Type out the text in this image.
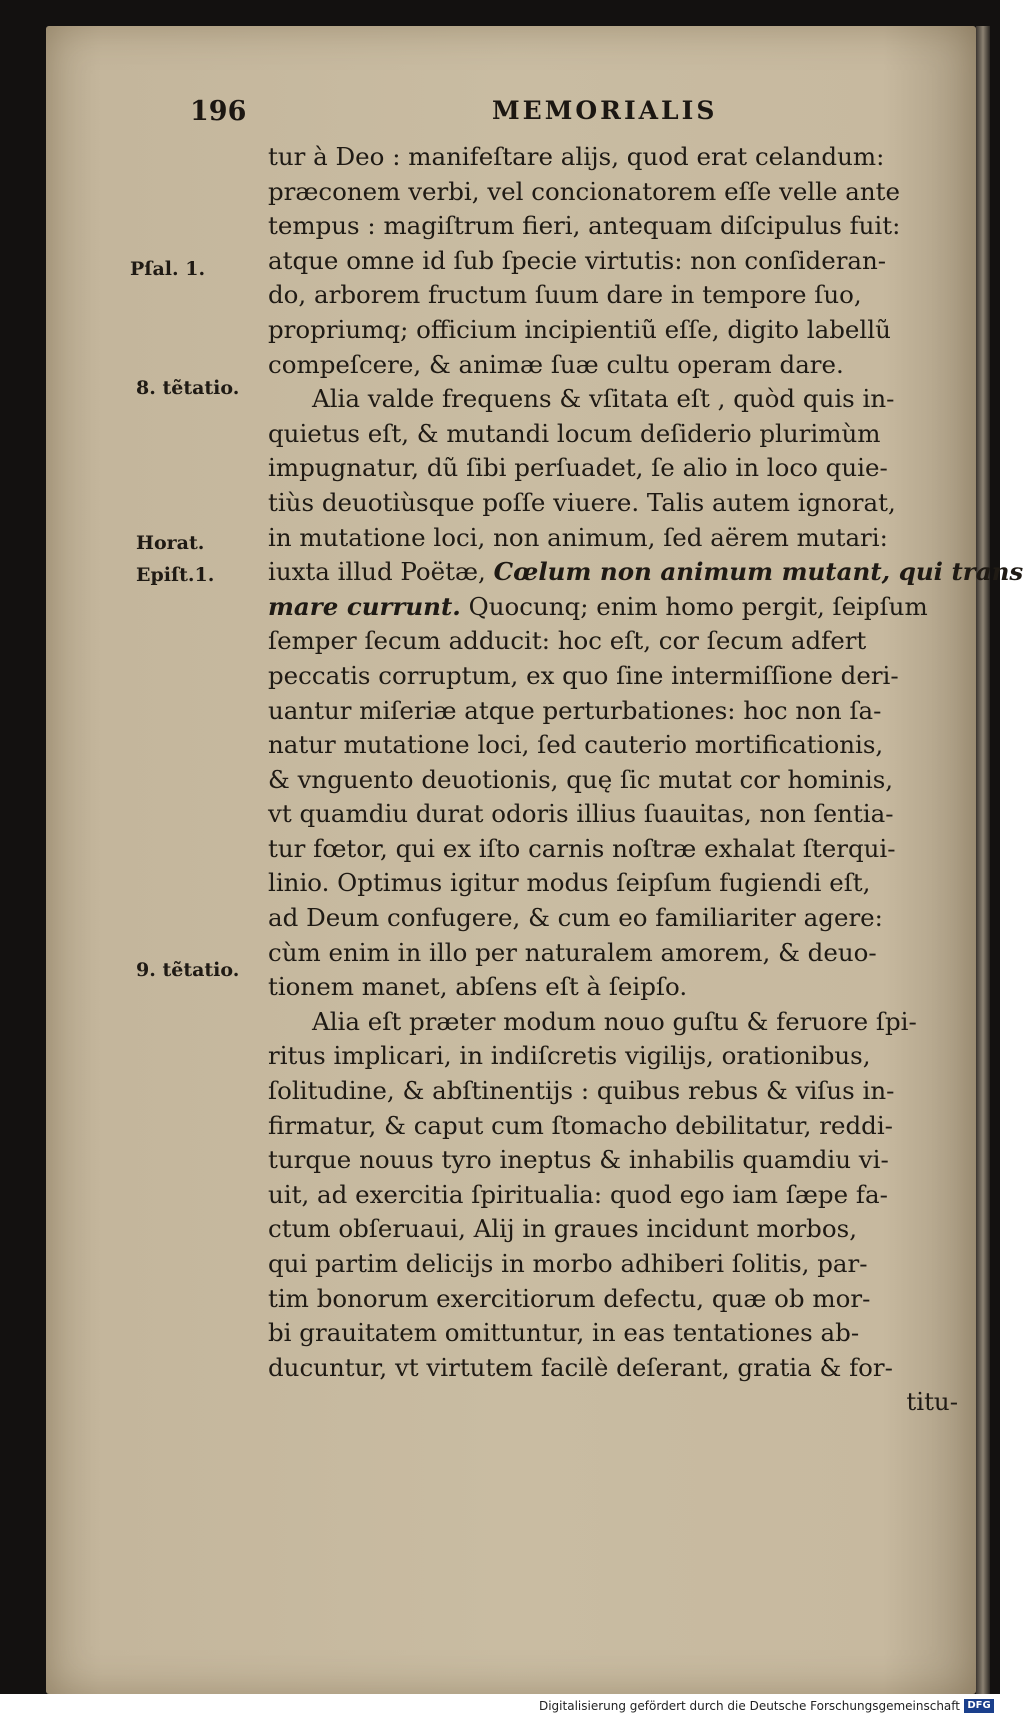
196	MEMORIALIS
Pſal. 1.
8. tẽtatio.
Horat.
Epiſt.1.
9. tẽtatio.
tur à Deo : manifeſtare alijs, quod erat celandum:
præconem verbi, vel concionatorem eſſe velle ante
tempus : magiſtrum fieri, antequam diſcipulus fuit:
atque omne id ſub ſpecie virtutis: non conſideran-
do, arborem fructum ſuum dare in tempore ſuo,
propriumq; officium incipientiũ eſſe, digito labellũ
compeſcere, & animæ ſuæ cultu operam dare.
Alia valde frequens & vſitata eſt , quòd quis in-
quietus eſt, & mutandi locum deſiderio plurimùm
impugnatur, dũ ſibi perſuadet, ſe alio in loco quie-
tiùs deuotiùsque poſſe viuere. Talis autem ignorat,
in mutatione loci, non animum, ſed aërem mutari:
iuxta illud Poëtæ, Cœlum non animum mutant, qui trans
mare currunt. Quocunq; enim homo pergit, ſeipſum
ſemper ſecum adducit: hoc eſt, cor ſecum adfert
peccatis corruptum, ex quo ſine intermiſſione deri-
uantur miſeriæ atque perturbationes: hoc non ſa-
natur mutatione loci, ſed cauterio mortificationis,
& vnguento deuotionis, quę ſic mutat cor hominis,
vt quamdiu durat odoris illius ſuauitas, non ſentia-
tur fœtor, qui ex iſto carnis noſtræ exhalat ſterqui-
linio. Optimus igitur modus ſeipſum fugiendi eſt,
ad Deum confugere, & cum eo familiariter agere:
cùm enim in illo per naturalem amorem, & deuo-
tionem manet, abſens eſt à ſeipſo.
Alia eſt præter modum nouo guſtu & feruore ſpi-
ritus implicari, in indiſcretis vigilijs, orationibus,
ſolitudine, & abſtinentijs : quibus rebus & viſus in-
firmatur, & caput cum ſtomacho debilitatur, reddi-
turque nouus tyro ineptus & inhabilis quamdiu vi-
uit, ad exercitia ſpiritualia: quod ego iam ſæpe fa-
ctum obſeruaui, Alij in graues incidunt morbos,
qui partim delicijs in morbo adhiberi ſolitis, par-
tim bonorum exercitiorum defectu, quæ ob mor-
bi grauitatem omittuntur, in eas tentationes ab-
ducuntur, vt virtutem facilè deſerant, gratia & for-
titu-
Digitalisierung gefördert durch die Deutsche Forschungsgemeinschaft DFG
